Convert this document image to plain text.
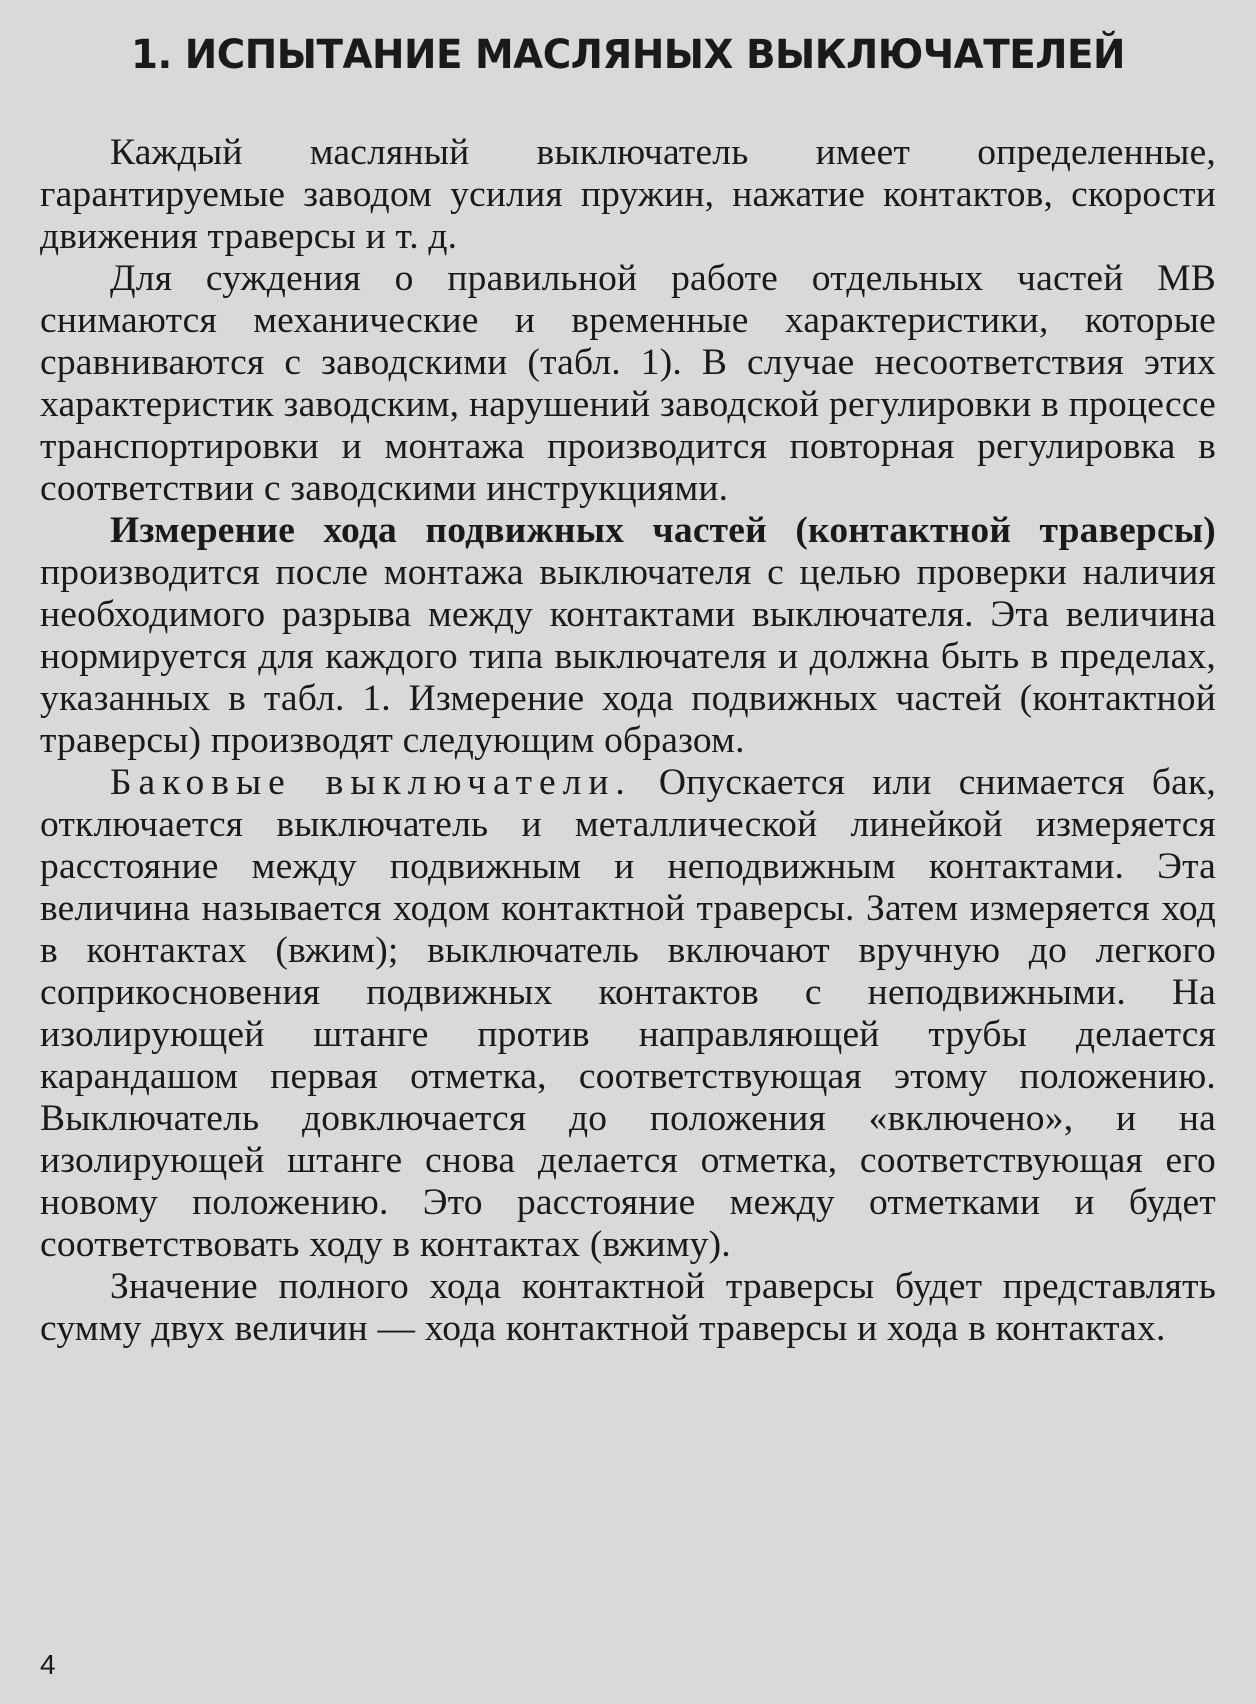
1. ИСПЫТАНИЕ МАСЛЯНЫХ ВЫКЛЮЧАТЕЛЕЙ

Каждый масляный выключатель имеет определенные, гарантируемые заводом усилия пружин, нажатие контактов, скорости движения траверсы и т. д.

Для суждения о правильной работе отдельных частей МВ снимаются механические и временные характеристики, которые сравниваются с заводскими (табл. 1). В случае несоответствия этих характеристик заводским, нарушений заводской регулировки в процессе транспортировки и монтажа производится повторная регулировка в соответствии с заводскими инструкциями.

Измерение хода подвижных частей (контактной траверсы) производится после монтажа выключателя с целью проверки наличия необходимого разрыва между контактами выключателя. Эта величина нормируется для каждого типа выключателя и должна быть в пределах, указанных в табл. 1. Измерение хода подвижных частей (контактной траверсы) производят следующим образом.

Баковые выключатели. Опускается или снимается бак, отключается выключатель и металлической линейкой измеряется расстояние между подвижным и неподвижным контактами. Эта величина называется ходом контактной траверсы. Затем измеряется ход в контактах (вжим); выключатель включают вручную до легкого соприкосновения подвижных контактов с неподвижными. На изолирующей штанге против направляющей трубы делается карандашом первая отметка, соответствующая этому положению. Выключатель довключается до положения «включено», и на изолирующей штанге снова делается отметка, соответствующая его новому положению. Это расстояние между отметками и будет соответствовать ходу в контактах (вжиму).

Значение полного хода контактной траверсы будет представлять сумму двух величин — хода контактной траверсы и хода в контактах.

4
